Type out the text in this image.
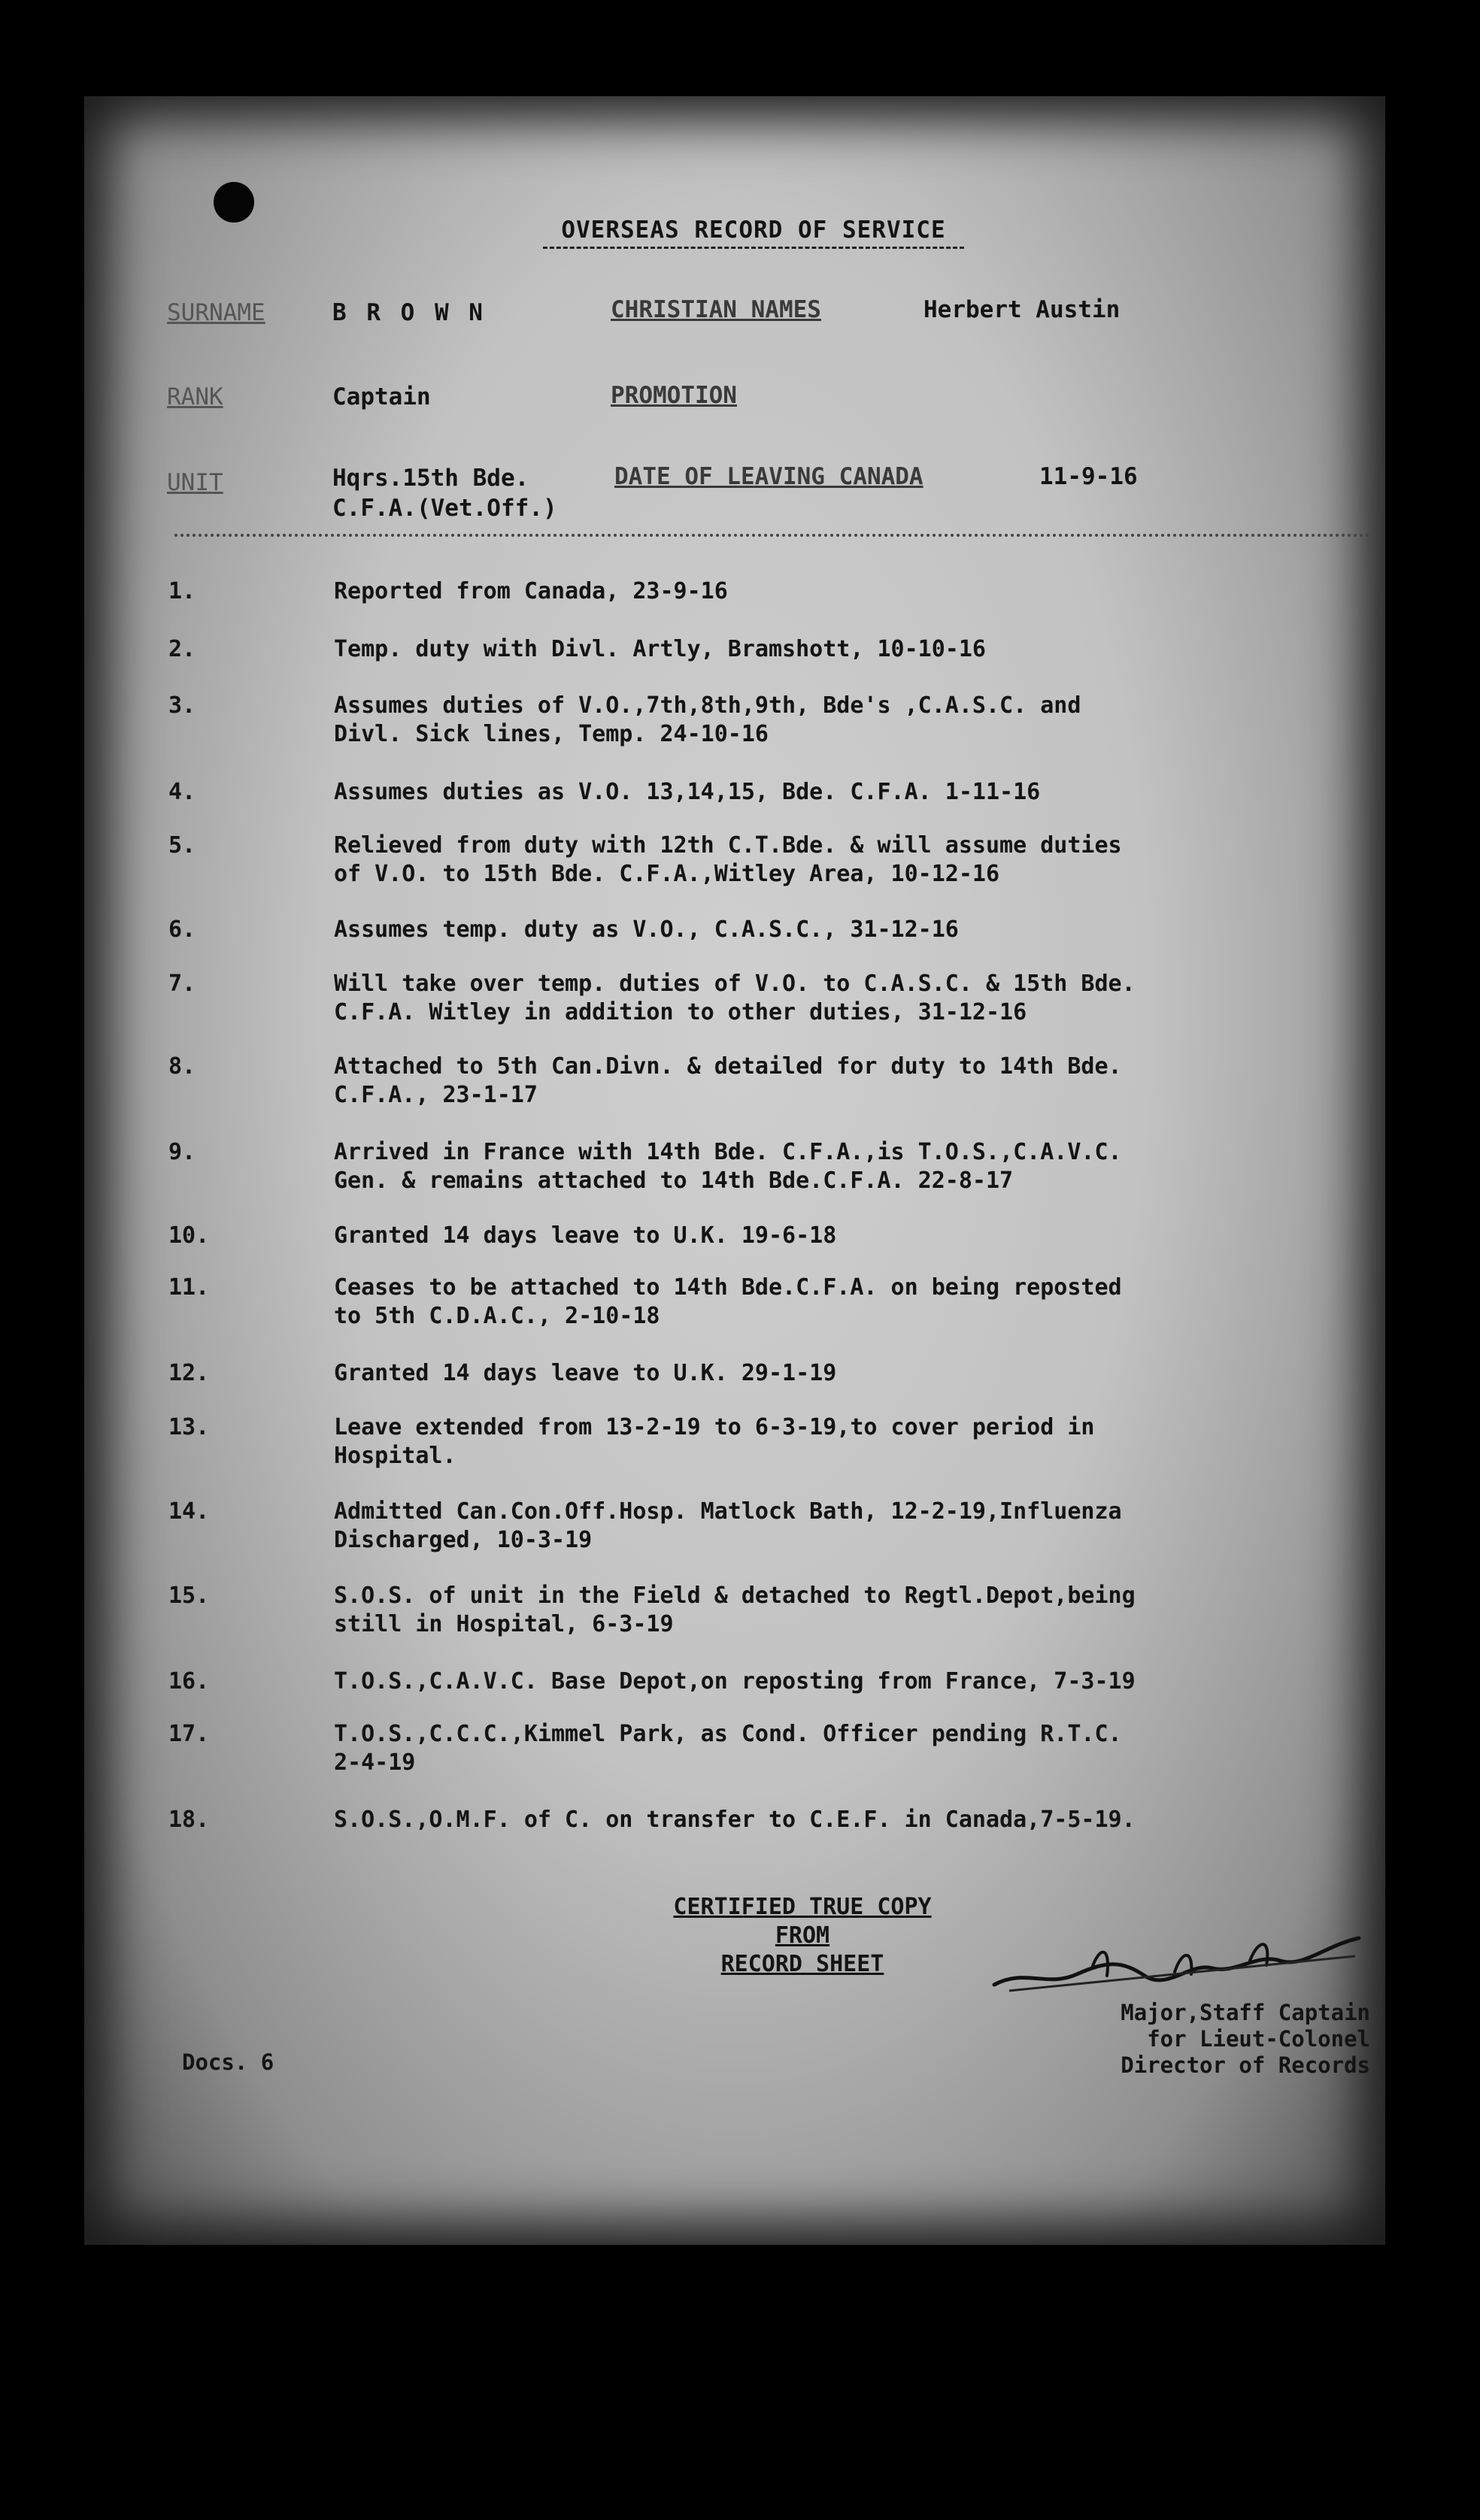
OVERSEAS RECORD OF SERVICE
SURNAME	B R O W N	CHRISTIAN NAMES	Herbert Austin
RANK	Captain	PROMOTION
UNIT	Hqrs.15th Bde.
C.F.A.(Vet.Off.)
DATE OF LEAVING CANADA	11-9-16
1.	Reported from Canada, 23-9-16
2.	Temp. duty with Divl. Artly, Bramshott, 10-10-16
3.	Assumes duties of V.O.,7th,8th,9th, Bde's ,C.A.S.C. and
Divl. Sick lines, Temp. 24-10-16
4.	Assumes duties as V.O. 13,14,15, Bde. C.F.A. 1-11-16
5.	Relieved from duty with 12th C.T.Bde. & will assume duties
of V.O. to 15th Bde. C.F.A.,Witley Area, 10-12-16
6.	Assumes temp. duty as V.O., C.A.S.C., 31-12-16
7.	Will take over temp. duties of V.O. to C.A.S.C. & 15th Bde.
C.F.A. Witley in addition to other duties, 31-12-16
8.	Attached to 5th Can.Divn. & detailed for duty to 14th Bde.
C.F.A., 23-1-17
9.	Arrived in France with 14th Bde. C.F.A.,is T.O.S.,C.A.V.C.
Gen. & remains attached to 14th Bde.C.F.A. 22-8-17
10.	Granted 14 days leave to U.K. 19-6-18
11.	Ceases to be attached to 14th Bde.C.F.A. on being reposted
to 5th C.D.A.C., 2-10-18
12.	Granted 14 days leave to U.K. 29-1-19
13.	Leave extended from 13-2-19 to 6-3-19,to cover period in
Hospital.
14.	Admitted Can.Con.Off.Hosp. Matlock Bath, 12-2-19,Influenza
Discharged, 10-3-19
15.	S.O.S. of unit in the Field & detached to Regtl.Depot,being
still in Hospital, 6-3-19
16.	T.O.S.,C.A.V.C. Base Depot,on reposting from France, 7-3-19
17.	T.O.S.,C.C.C.,Kimmel Park, as Cond. Officer pending R.T.C.
2-4-19
18.	S.O.S.,O.M.F. of C. on transfer to C.E.F. in Canada,7-5-19.
CERTIFIED TRUE COPY
FROM
RECORD SHEET
Major,Staff Captain
for Lieut-Colonel
Director of Records
Docs. 6
